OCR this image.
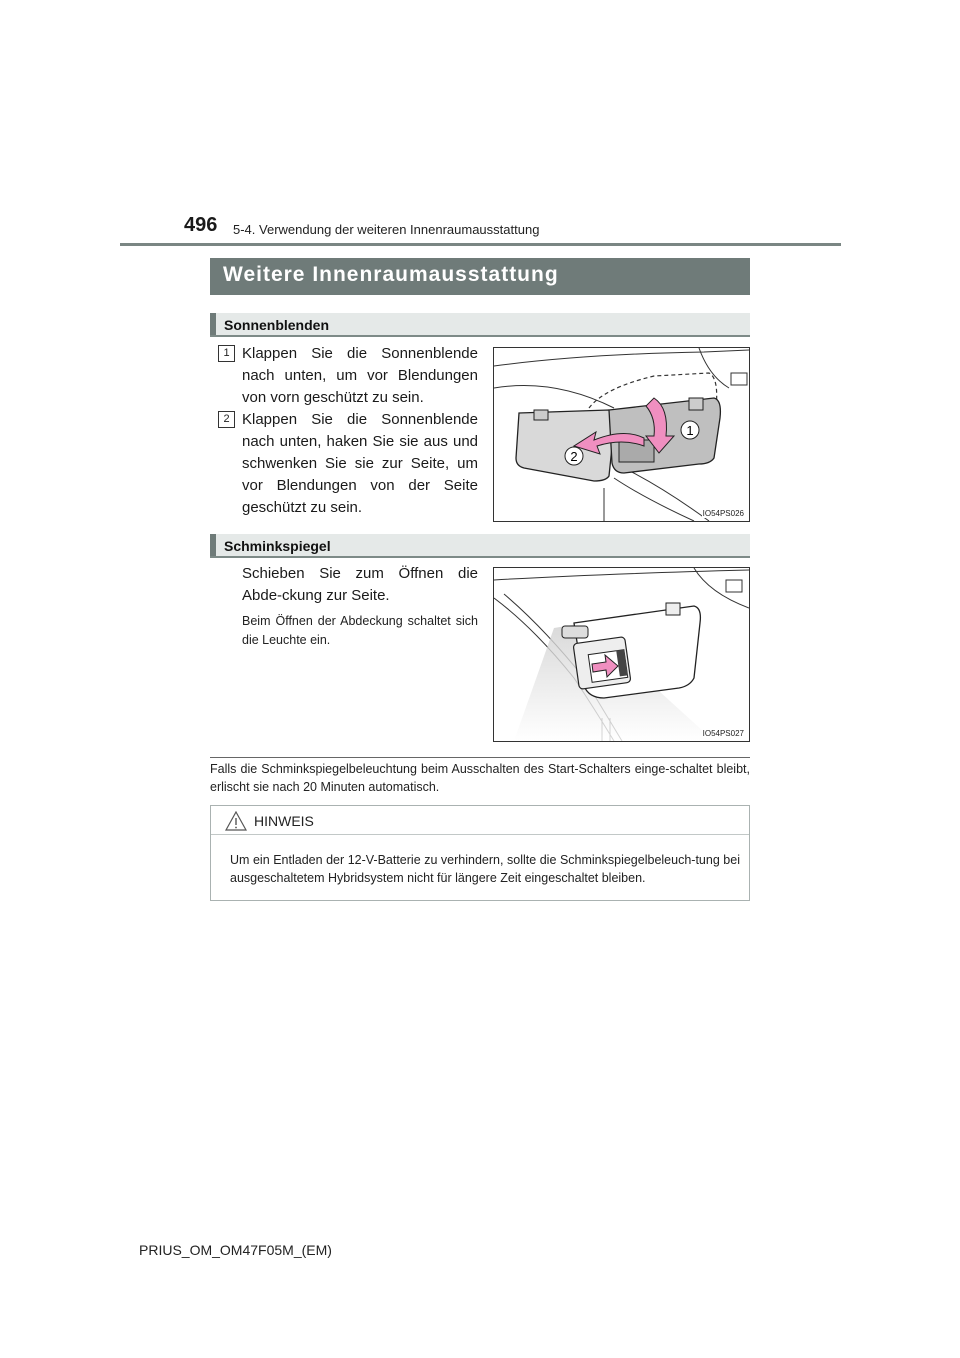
496 5-4. Verwendung der weiteren Innenraumausstattung
Weitere Innenraumausstattung
Sonnenblenden
1 Klappen Sie die Sonnenblende nach unten, um vor Blendungen von vorn geschützt zu sein.
2 Klappen Sie die Sonnenblende nach unten, haken Sie sie aus und schwenken Sie sie zur Seite, um vor Blendungen von der Seite geschützt zu sein.
1
2
IO54PS026
Schminkspiegel
Schieben Sie zum Öffnen die Abde-ckung zur Seite.
Beim Öffnen der Abdeckung schaltet sich die Leuchte ein.
IO54PS027
Falls die Schminkspiegelbeleuchtung beim Ausschalten des Start-Schalters einge-schaltet bleibt, erlischt sie nach 20 Minuten automatisch.
HINWEIS
Um ein Entladen der 12-V-Batterie zu verhindern, sollte die Schminkspiegelbeleuch-tung bei ausgeschaltetem Hybridsystem nicht für längere Zeit eingeschaltet bleiben.
PRIUS_OM_OM47F05M_(EM)
